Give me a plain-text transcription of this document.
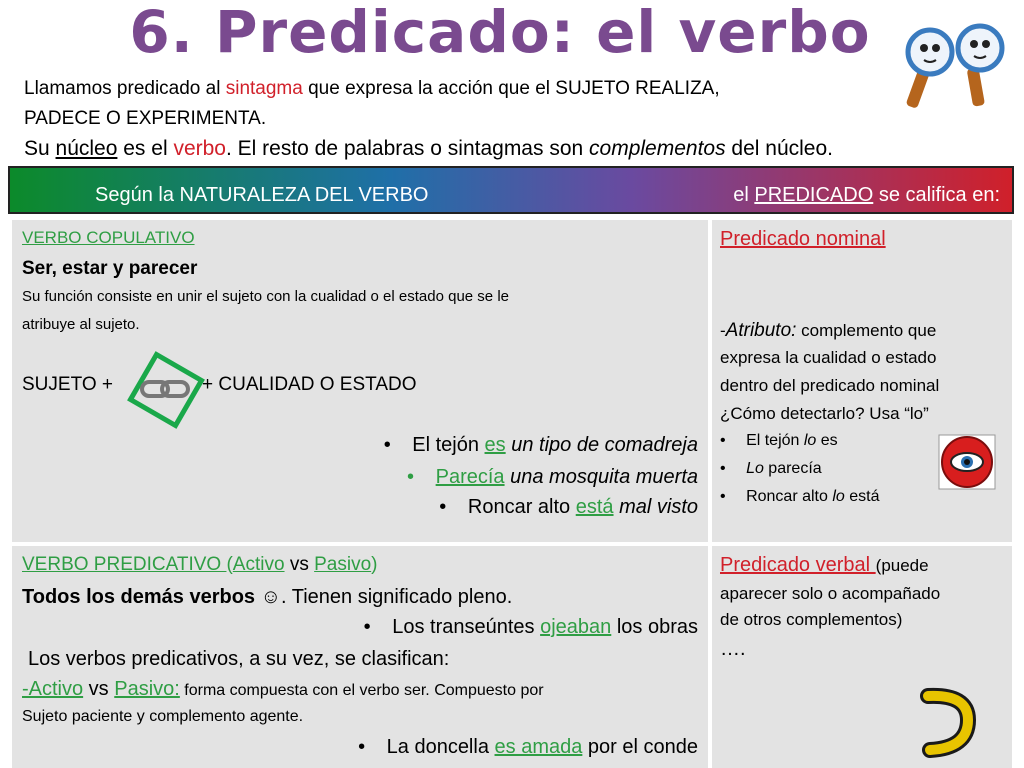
6. Predicado: el verbo
Llamamos predicado al sintagma que expresa la acción que el SUJETO REALIZA,
PADECE O EXPERIMENTA.
Su núcleo es el verbo. El resto de palabras o sintagmas son complementos del núcleo.
Según la NATURALEZA DEL VERBO	el PREDICADO se califica en:
VERBO COPULATIVO
Ser, estar y parecer
Su función consiste en unir el sujeto con la cualidad o el estado que se le
atribuye al sujeto.
SUJETO +	+ CUALIDAD O ESTADO
• El tejón es un tipo de comadreja
• Parecía una mosquita muerta
• Roncar alto está mal visto
Predicado nominal
-Atributo: complemento que
expresa la cualidad o estado
dentro del predicado nominal
¿Cómo detectarlo? Usa “lo”
• El tejón lo es
• Lo parecía
• Roncar alto lo está
VERBO PREDICATIVO (Activo vs Pasivo)
Todos los demás verbos ☺. Tienen significado pleno.
• Los transeúntes ojeaban los obras
Los verbos predicativos, a su vez, se clasifican:
-Activo vs Pasivo: forma compuesta con el verbo ser. Compuesto por
Sujeto paciente y complemento agente.
• La doncella es amada por el conde
Predicado verbal (puede
aparecer solo o acompañado
de otros complementos)
….
